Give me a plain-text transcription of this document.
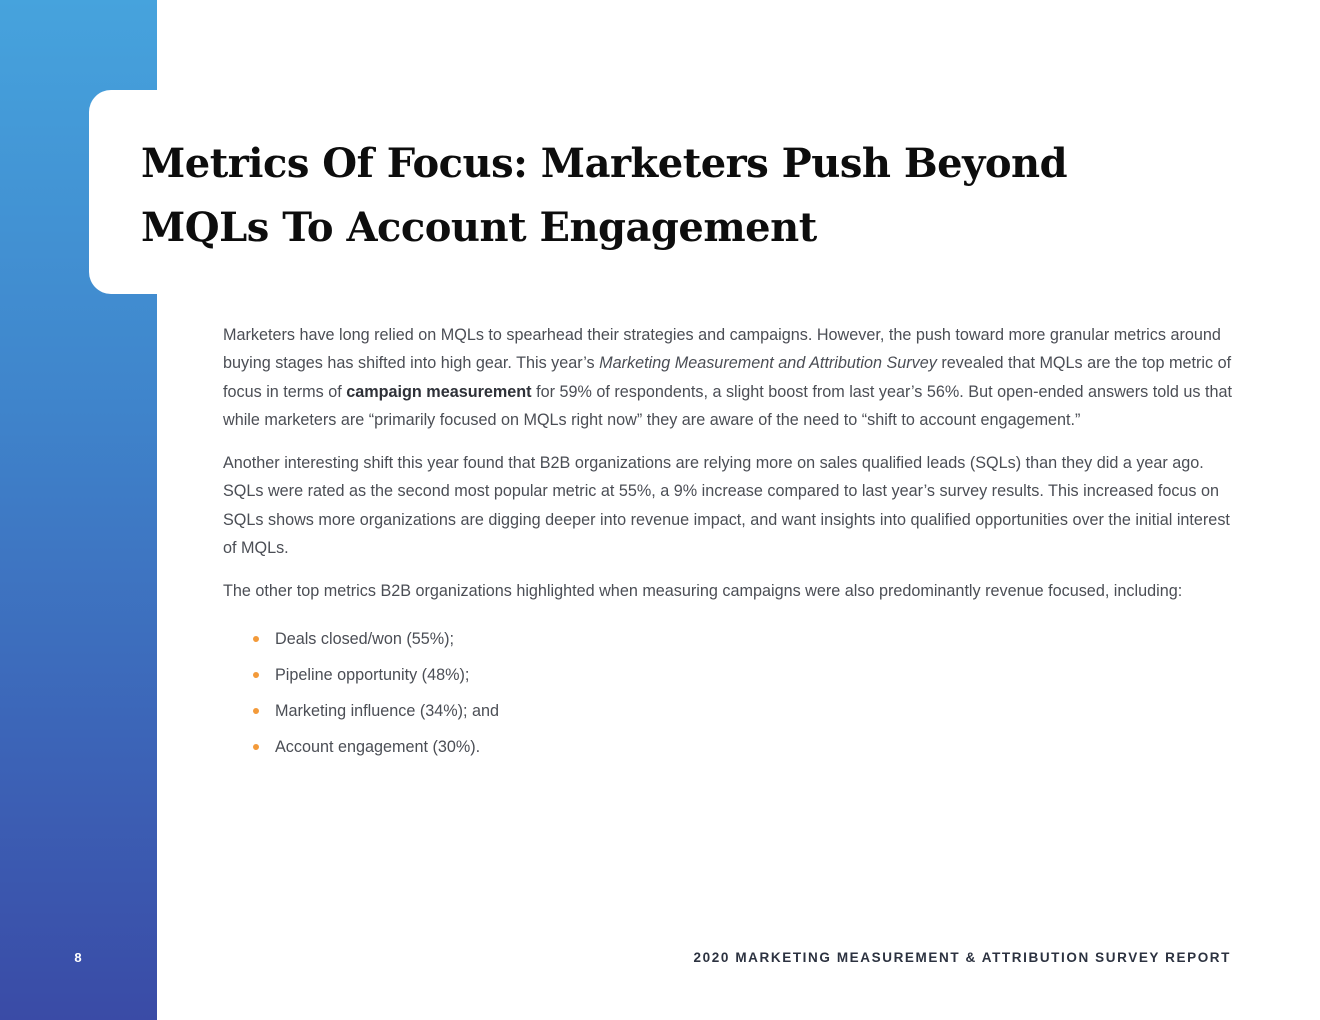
Metrics Of Focus: Marketers Push Beyond
MQLs To Account Engagement

Marketers have long relied on MQLs to spearhead their strategies and campaigns. However, the push toward more granular metrics around buying stages has shifted into high gear. This year’s Marketing Measurement and Attribution Survey revealed that MQLs are the top metric of focus in terms of campaign measurement for 59% of respondents, a slight boost from last year’s 56%. But open-ended answers told us that while marketers are “primarily focused on MQLs right now” they are aware of the need to “shift to account engagement.”

Another interesting shift this year found that B2B organizations are relying more on sales qualified leads (SQLs) than they did a year ago. SQLs were rated as the second most popular metric at 55%, a 9% increase compared to last year’s survey results. This increased focus on SQLs shows more organizations are digging deeper into revenue impact, and want insights into qualified opportunities over the initial interest of MQLs.

The other top metrics B2B organizations highlighted when measuring campaigns were also predominantly revenue focused, including:

Deals closed/won (55%);
Pipeline opportunity (48%);
Marketing influence (34%); and
Account engagement (30%).
8	2020 MARKETING MEASUREMENT & ATTRIBUTION SURVEY REPORT
